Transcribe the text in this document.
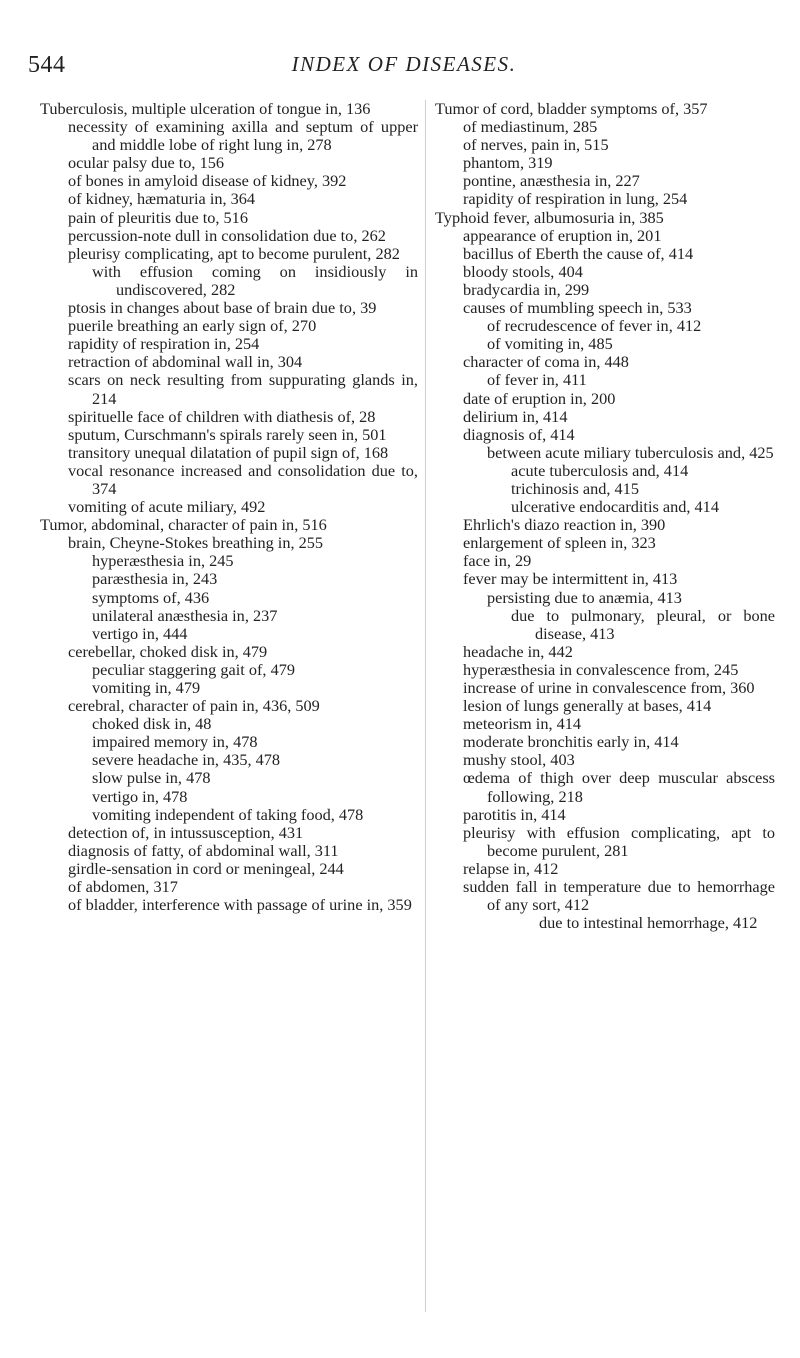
544	INDEX OF DISEASES.

Tuberculosis, multiple ulceration of tongue in, 136

necessity of examining axilla and septum of upper and middle lobe of right lung in, 278

ocular palsy due to, 156

of bones in amyloid disease of kidney, 392

of kidney, hæmaturia in, 364

pain of pleuritis due to, 516

percussion-note dull in consolidation due to, 262

pleurisy complicating, apt to become purulent, 282

with effusion coming on insidiously in undiscovered, 282

ptosis in changes about base of brain due to, 39

puerile breathing an early sign of, 270

rapidity of respiration in, 254

retraction of abdominal wall in, 304

scars on neck resulting from suppurating glands in, 214

spirituelle face of children with diathesis of, 28

sputum, Curschmann's spirals rarely seen in, 501

transitory unequal dilatation of pupil sign of, 168

vocal resonance increased and consolidation due to, 374

vomiting of acute miliary, 492

Tumor, abdominal, character of pain in, 516

brain, Cheyne-Stokes breathing in, 255

hyperæsthesia in, 245

paræsthesia in, 243

symptoms of, 436

unilateral anæsthesia in, 237

vertigo in, 444

cerebellar, choked disk in, 479

peculiar staggering gait of, 479

vomiting in, 479

cerebral, character of pain in, 436, 509

choked disk in, 48

impaired memory in, 478

severe headache in, 435, 478

slow pulse in, 478

vertigo in, 478

vomiting independent of taking food, 478

detection of, in intussusception, 431

diagnosis of fatty, of abdominal wall, 311

girdle-sensation in cord or meningeal, 244

of abdomen, 317

of bladder, interference with passage of urine in, 359

Tumor of cord, bladder symptoms of, 357

of mediastinum, 285

of nerves, pain in, 515

phantom, 319

pontine, anæsthesia in, 227

rapidity of respiration in lung, 254

Typhoid fever, albumosuria in, 385

appearance of eruption in, 201

bacillus of Eberth the cause of, 414

bloody stools, 404

bradycardia in, 299

causes of mumbling speech in, 533

of recrudescence of fever in, 412

of vomiting in, 485

character of coma in, 448

of fever in, 411

date of eruption in, 200

delirium in, 414

diagnosis of, 414

between acute miliary tuberculosis and, 425

acute tuberculosis and, 414

trichinosis and, 415

ulcerative endocarditis and, 414

Ehrlich's diazo reaction in, 390

enlargement of spleen in, 323

face in, 29

fever may be intermittent in, 413

persisting due to anæmia, 413

due to pulmonary, pleural, or bone disease, 413

headache in, 442

hyperæsthesia in convalescence from, 245

increase of urine in convalescence from, 360

lesion of lungs generally at bases, 414

meteorism in, 414

moderate bronchitis early in, 414

mushy stool, 403

œdema of thigh over deep muscular abscess following, 218

parotitis in, 414

pleurisy with effusion complicating, apt to become purulent, 281

relapse in, 412

sudden fall in temperature due to hemorrhage of any sort, 412

due to intestinal hemorrhage, 412
